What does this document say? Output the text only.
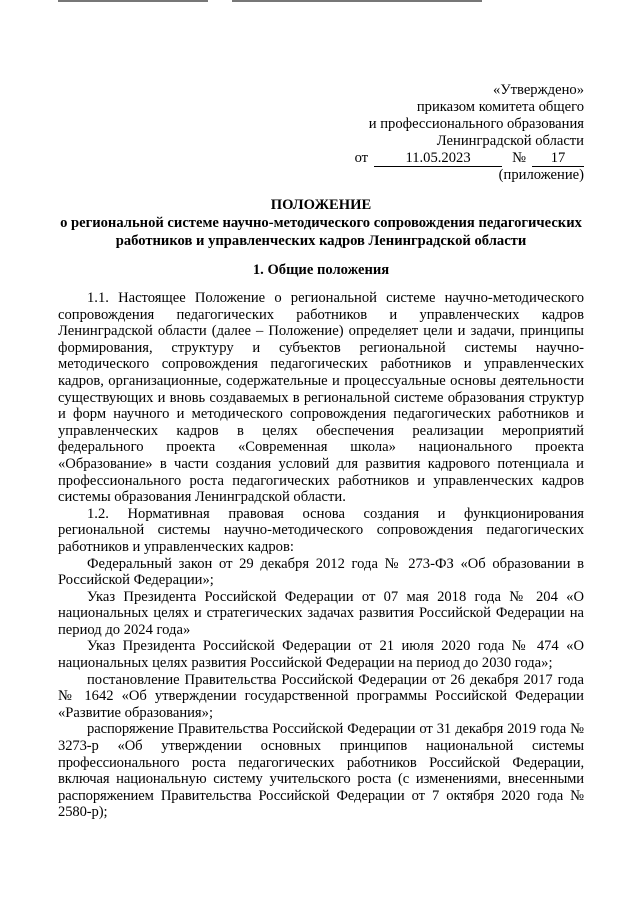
«Утверждено»
приказом комитета общего
и профессионального образования
Ленинградской области
от	11.05.2023	№	17
(приложение)
ПОЛОЖЕНИЕ
о региональной системе научно-методического сопровождения педагогических работников и управленческих кадров Ленинградской области
1. Общие положения

1.1. Настоящее Положение о региональной системе научно-методического сопровождения педагогических работников и управленческих кадров Ленинградской области (далее – Положение) определяет цели и задачи, принципы формирования, структуру и субъектов региональной системы научно-методического сопровождения педагогических работников и управленческих кадров, организационные, содержательные и процессуальные основы деятельности существующих и вновь создаваемых в региональной системе образования структур и форм научного и методического сопровождения педагогических работников и управленческих кадров в целях обеспечения реализации мероприятий федерального проекта «Современная школа» национального проекта «Образование» в части создания условий для развития кадрового потенциала и профессионального роста педагогических работников и управленческих кадров системы образования Ленинградской области.

1.2. Нормативная правовая основа создания и функционирования региональной системы научно-методического сопровождения педагогических работников и управленческих кадров:

Федеральный закон от 29 декабря 2012 года № 273-ФЗ «Об образовании в Российской Федерации»;

Указ Президента Российской Федерации от 07 мая 2018 года № 204 «О национальных целях и стратегических задачах развития Российской Федерации на период до 2024 года»

Указ Президента Российской Федерации от 21 июля 2020 года № 474 «О национальных целях развития Российской Федерации на период до 2030 года»;

постановление Правительства Российской Федерации от 26 декабря 2017 года № 1642 «Об утверждении государственной программы Российской Федерации «Развитие образования»;

распоряжение Правительства Российской Федерации от 31 декабря 2019 года № 3273-р «Об утверждении основных принципов национальной системы профессионального роста педагогических работников Российской Федерации, включая национальную систему учительского роста (с изменениями, внесенными распоряжением Правительства Российской Федерации от 7 октября 2020 года № 2580-р);
